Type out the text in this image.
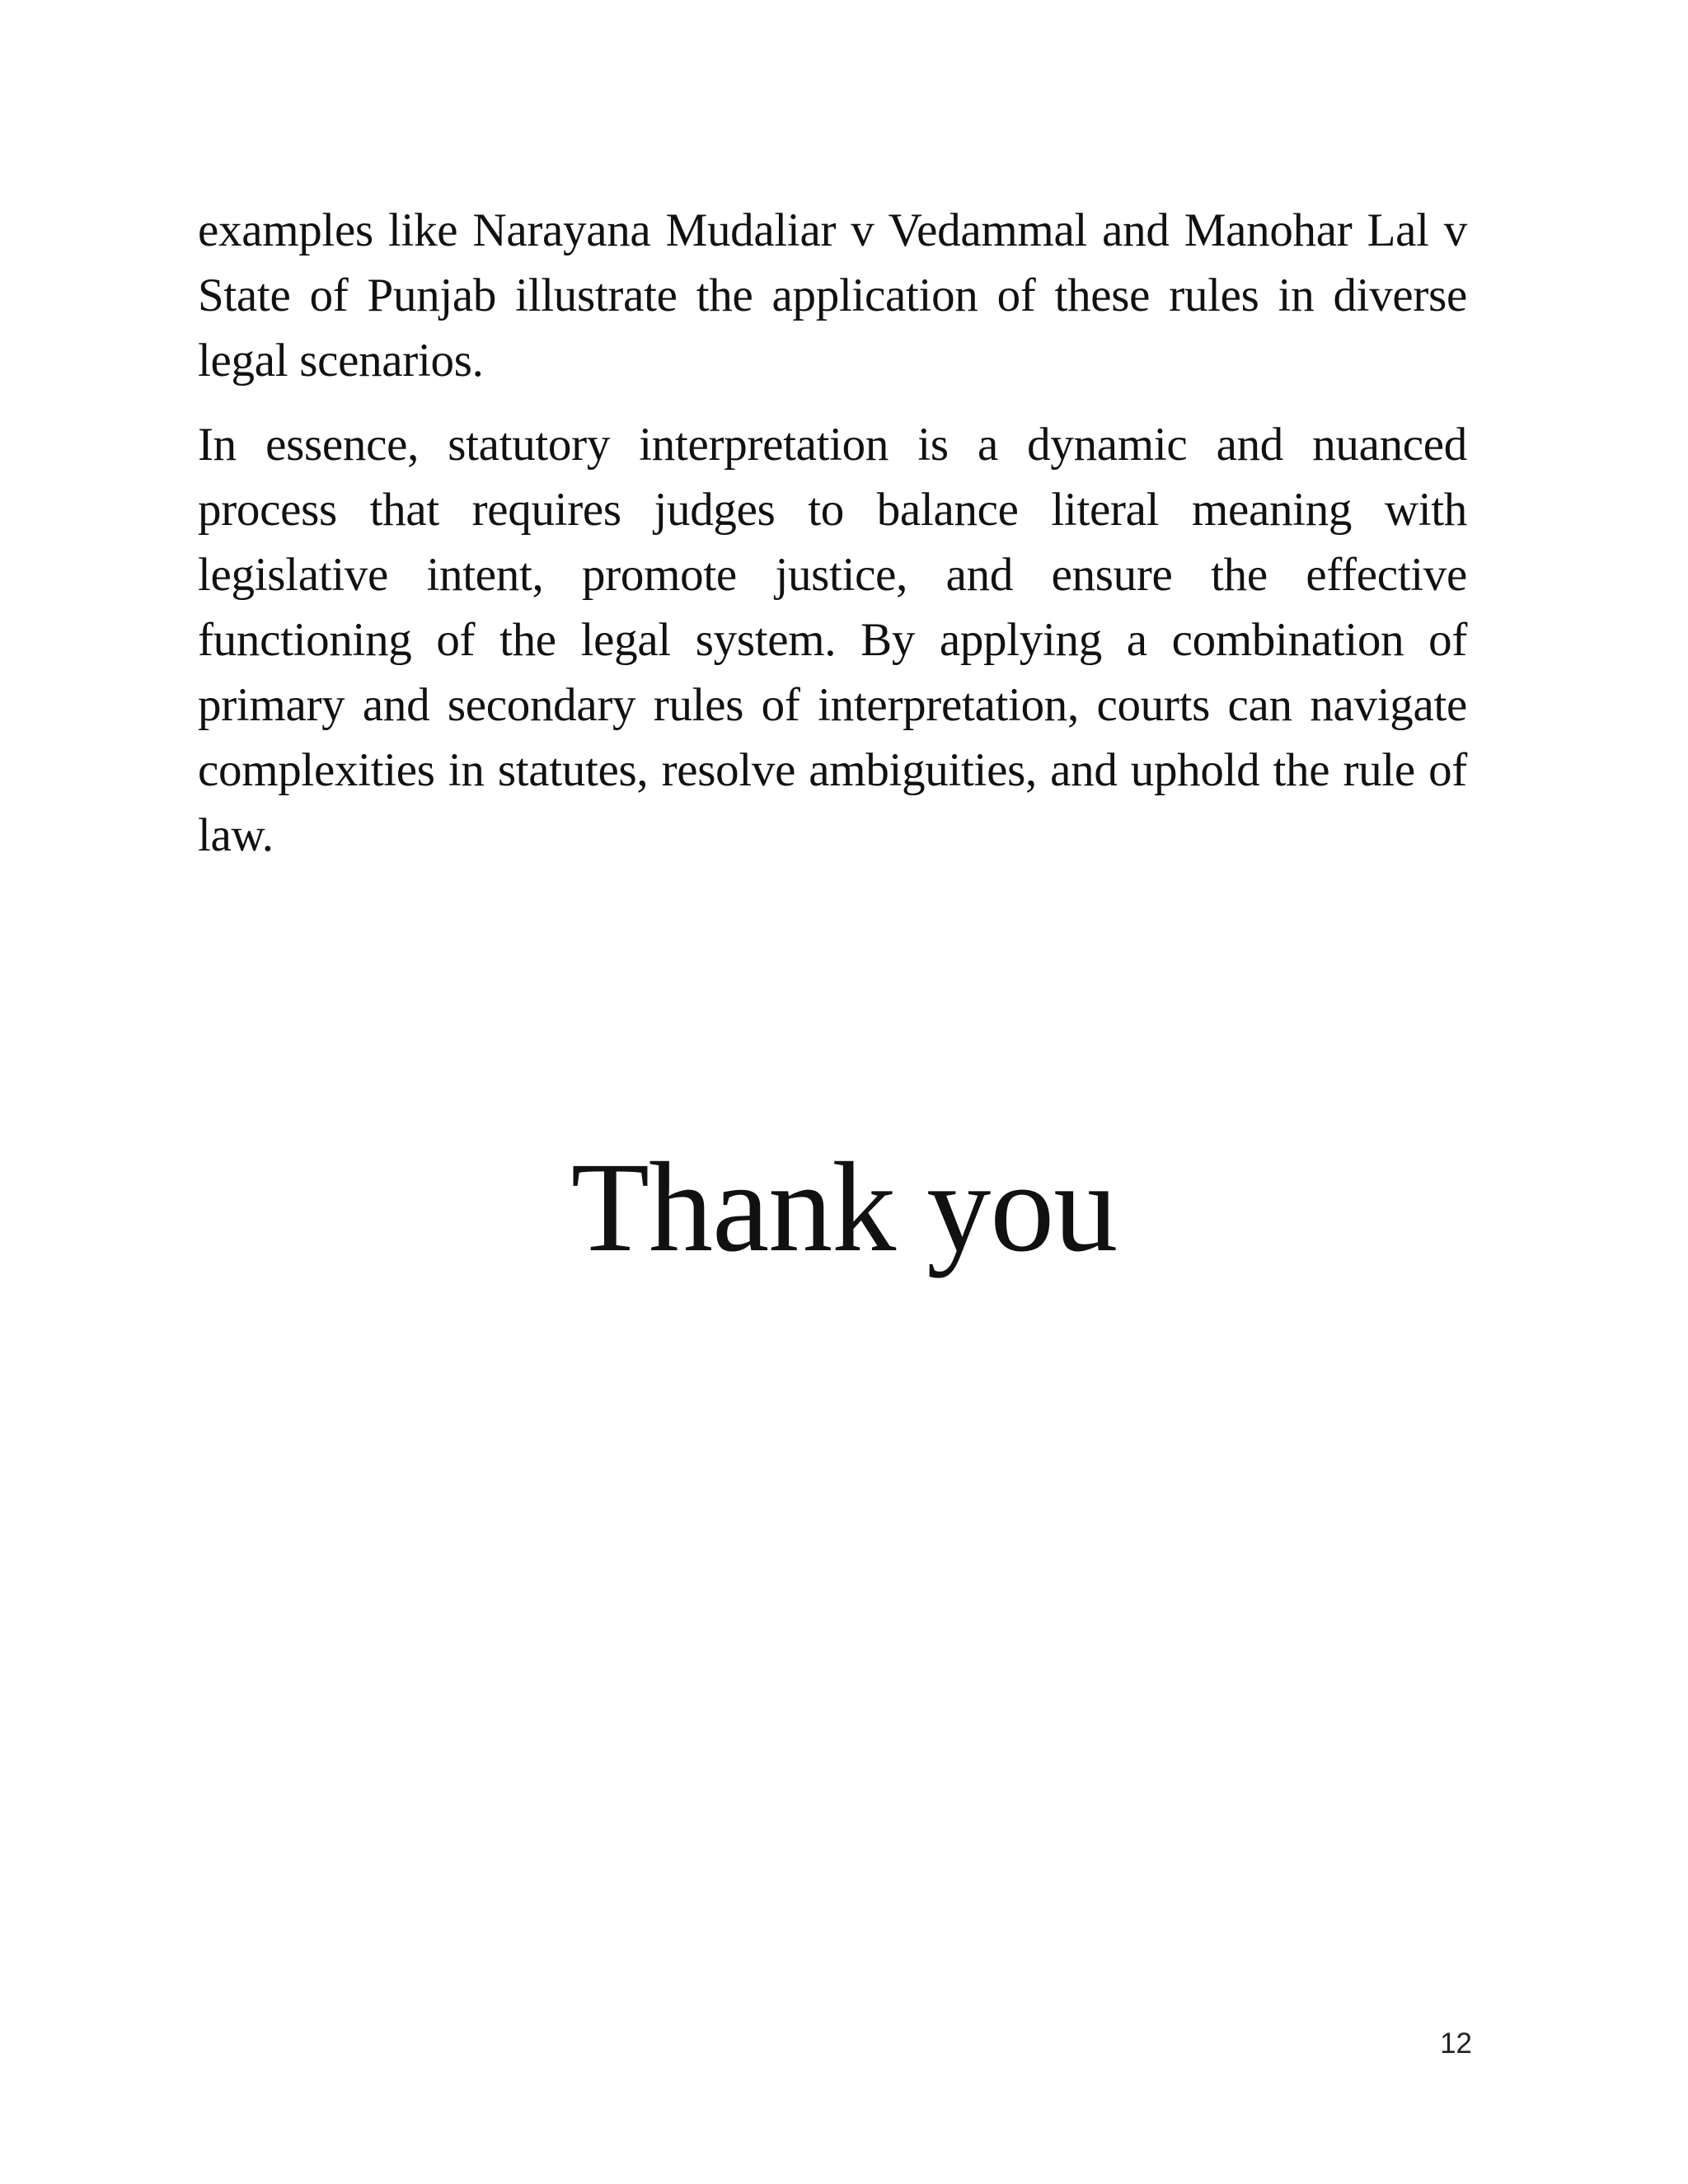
examples like Narayana Mudaliar v Vedammal and Manohar Lal v State of Punjab illustrate the application of these rules in diverse legal scenarios.

In essence, statutory interpretation is a dynamic and nuanced process that requires judges to balance literal meaning with legislative intent, promote justice, and ensure the effective functioning of the legal system. By applying a combination of primary and secondary rules of interpretation, courts can navigate complexities in statutes, resolve ambiguities, and uphold the rule of law.

Thank you
12
